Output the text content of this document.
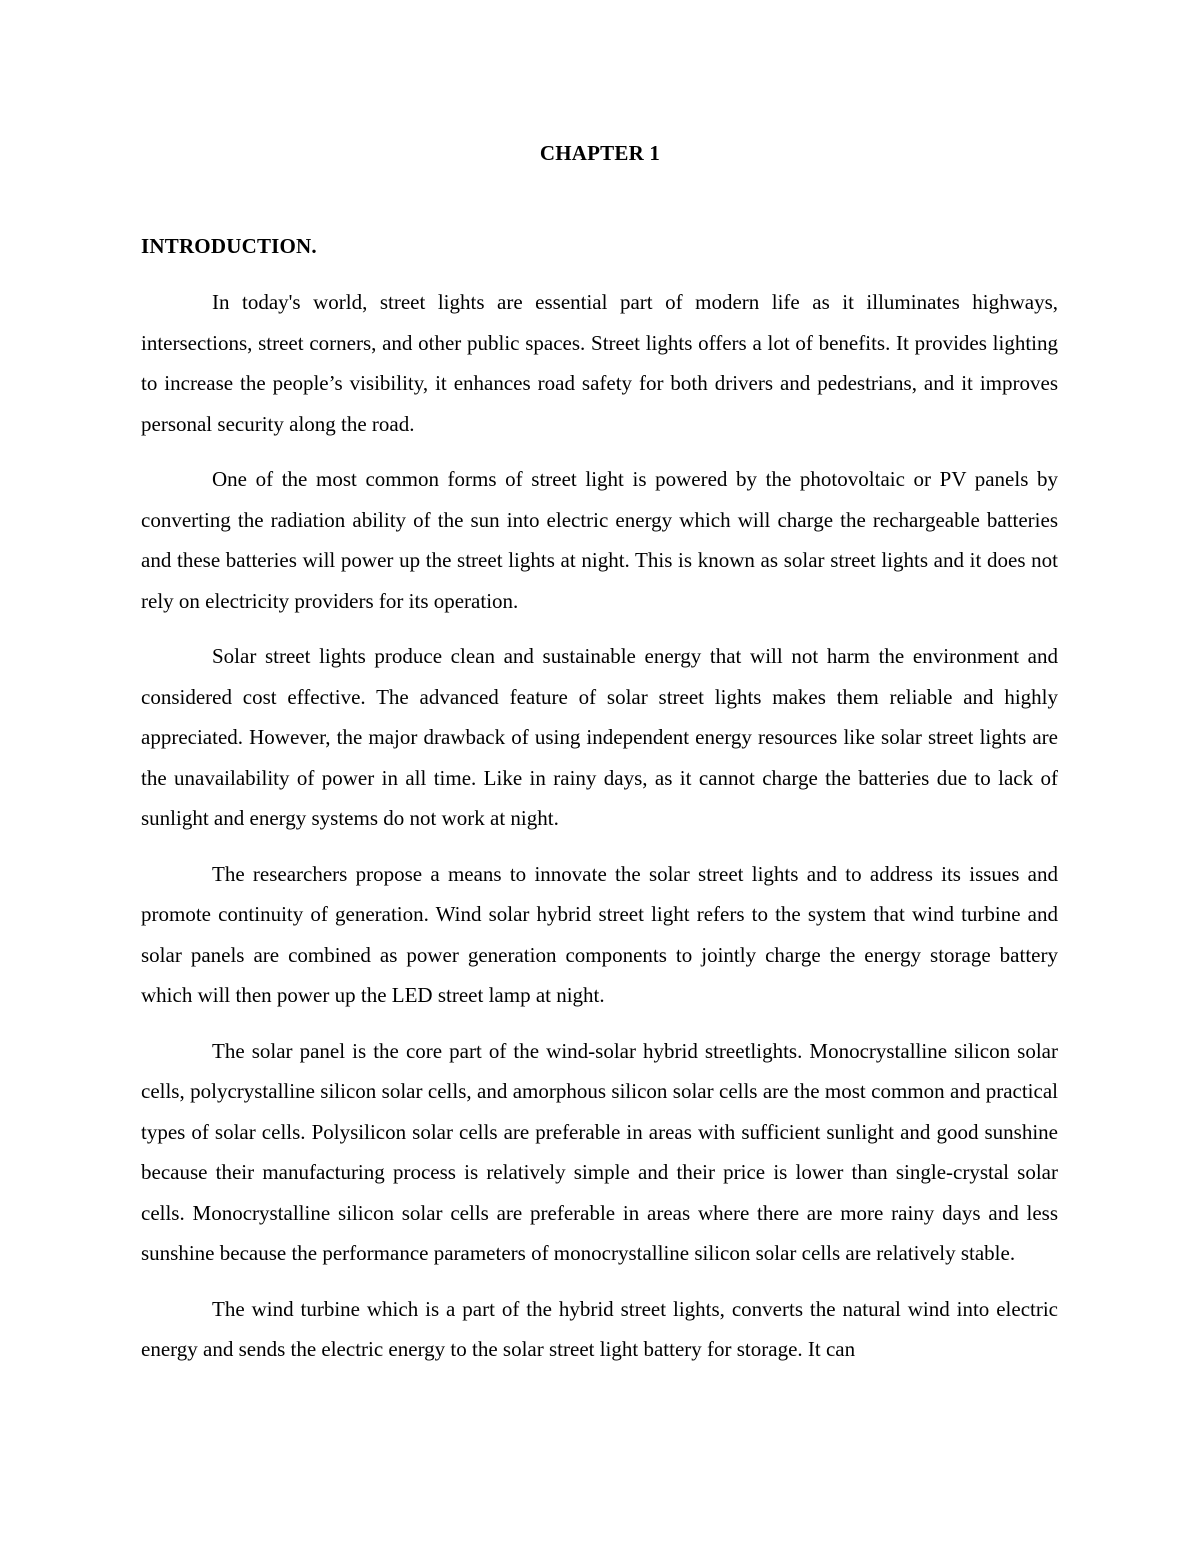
CHAPTER 1
INTRODUCTION.

In today's world, street lights are essential part of modern life as it illuminates highways, intersections, street corners, and other public spaces. Street lights offers a lot of benefits. It provides lighting to increase the people’s visibility, it enhances road safety for both drivers and pedestrians, and it improves personal security along the road.

One of the most common forms of street light is powered by the photovoltaic or PV panels by converting the radiation ability of the sun into electric energy which will charge the rechargeable batteries and these batteries will power up the street lights at night. This is known as solar street lights and it does not rely on electricity providers for its operation.

Solar street lights produce clean and sustainable energy that will not harm the environment and considered cost effective. The advanced feature of solar street lights makes them reliable and highly appreciated. However, the major drawback of using independent energy resources like solar street lights are the unavailability of power in all time. Like in rainy days, as it cannot charge the batteries due to lack of sunlight and energy systems do not work at night.

The researchers propose a means to innovate the solar street lights and to address its issues and promote continuity of generation. Wind solar hybrid street light refers to the system that wind turbine and solar panels are combined as power generation components to jointly charge the energy storage battery which will then power up the LED street lamp at night.

The solar panel is the core part of the wind-solar hybrid streetlights. Monocrystalline silicon solar cells, polycrystalline silicon solar cells, and amorphous silicon solar cells are the most common and practical types of solar cells. Polysilicon solar cells are preferable in areas with sufficient sunlight and good sunshine because their manufacturing process is relatively simple and their price is lower than single-crystal solar cells. Monocrystalline silicon solar cells are preferable in areas where there are more rainy days and less sunshine because the performance parameters of monocrystalline silicon solar cells are relatively stable.

The wind turbine which is a part of the hybrid street lights, converts the natural wind into electric energy and sends the electric energy to the solar street light battery for storage. It can
